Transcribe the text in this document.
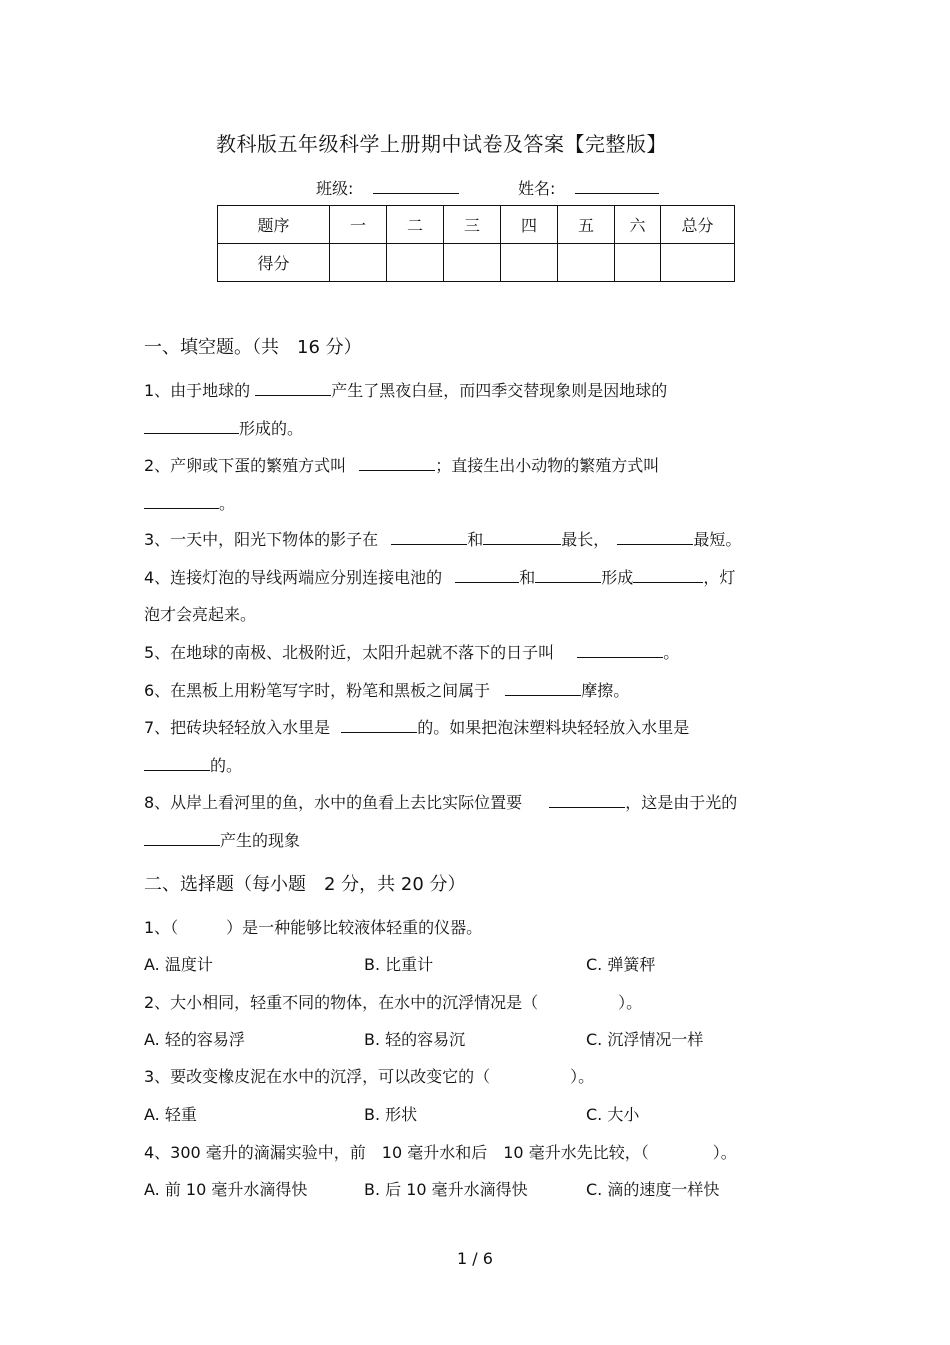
教科版五年级科学上册期中试卷及答案【完整版】
班级:	姓名:
题序	一	二	三	四	五	六	总分
得分							
一、填空题。（共　16 分）
1、由于地球的	产生了黑夜白昼，而四季交替现象则是因地球的
形成的。
2、产卵或下蛋的繁殖方式叫	；直接生出小动物的繁殖方式叫
。
3、一天中，阳光下物体的影子在	和	最长，	最短。
4、连接灯泡的导线两端应分别连接电池的	和	形成	，灯
泡才会亮起来。
5、在地球的南极、北极附近，太阳升起就不落下的日子叫	。
6、在黑板上用粉笔写字时，粉笔和黑板之间属于	摩擦。
7、把砖块轻轻放入水里是	的。如果把泡沫塑料块轻轻放入水里是
的。
8、从岸上看河里的鱼，水中的鱼看上去比实际位置要	，这是由于光的
产生的现象
二、选择题（每小题　2 分，共 20 分）
1、（　　　）是一种能够比较液体轻重的仪器。
A. 温度计	B. 比重计	C. 弹簧秤
2、大小相同，轻重不同的物体，在水中的沉浮情况是（　　　　　）。
A. 轻的容易浮	B. 轻的容易沉	C. 沉浮情况一样
3、要改变橡皮泥在水中的沉浮，可以改变它的（　　　　　）。
A. 轻重	B. 形状	C. 大小
4、300 毫升的滴漏实验中，前　10 毫升水和后　10 毫升水先比较，（　　　　）。
A. 前 10 毫升水滴得快	B. 后 10 毫升水滴得快	C. 滴的速度一样快
1 / 6
